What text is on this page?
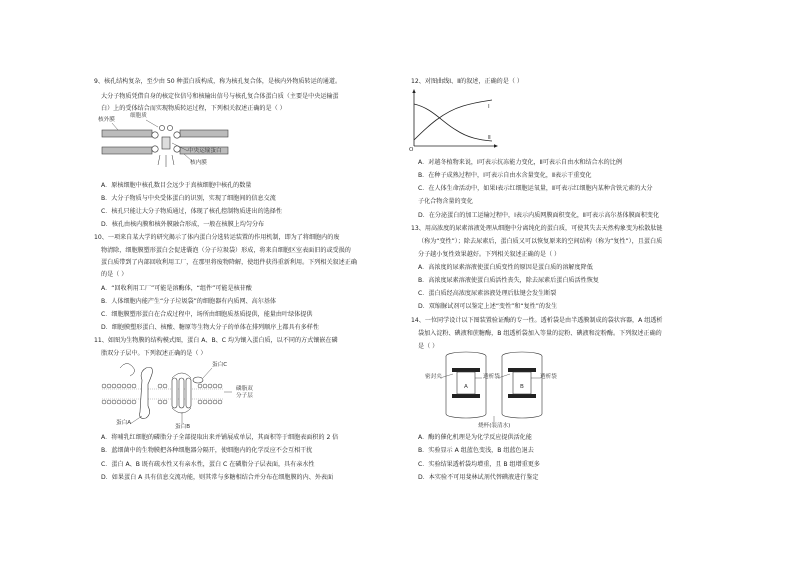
9、核孔结构复杂，至少由 50 种蛋白质构成，称为核孔复合体，是核内外物质转运的通道。
大分子物质凭借自身的核定位信号和核输出信号与核孔复合体蛋白质（主要是中央运输蛋
白）上的受体结合而实现物质转运过程，下列相关叙述正确的是（ ）
核外膜
细胞质
中央运输蛋白
核内膜
A．原核细胞中核孔数目会远少于真核细胞中核孔的数量
B．大分子物质与中央受体蛋白的识别，实现了细胞间的信息交流
C．核孔只能让大分子物质通过，体现了核孔控制物质进出的选择性
D．核孔由核内膜和核外膜融合形成，一般在核膜上均匀分布
10、一项来自某大学的研究揭示了体内蛋白分选转运装置的作用机制，即为了将细胞内的废
物清除，细胞膜塑形蛋白会促进囊泡（分子垃圾袋）形成，将来自细胞区室表面旧的或受损的
蛋白质带到了内部回收利用工厂，在那里将废物降解，使组件获得重新利用。下列相关叙述正确
的是（ ）
A．“回收利用工厂”可能是溶酶体，“组件”可能是核苷酸
B．人体细胞内能产生“分子垃圾袋”的细胞器有内质网、高尔基体
C．细胞膜塑形蛋白在合成过程中，场所由细胞质基质提供，能量由叶绿体提供
D．细胞膜塑形蛋白、核酸、糖原等生物大分子的单体在排列顺序上都具有多样性
11、如图为生物膜的结构模式图，蛋白 A、B、C 均为镶入蛋白质，以不同的方式镶嵌在磷
脂双分子层中。下列叙述正确的是（ ）
蛋白C
磷脂双
分子层
蛋白A
蛋白B
A．将哺乳红细胞的磷脂分子全部提取出来并铺展成单层，其面积等于细胞表面积的 2 倍
B．蓝细菌中的生物膜把各种细胞器分隔开，使细胞内的化学反应不会互相干扰
C．蛋白 A、B 既有疏水性又有亲水性，蛋白 C 在磷脂分子层表面，具有亲水性
D．如果蛋白 A 具有信息交流功能，则其常与多糖相结合并分布在细胞膜的内、外表面
12、对图曲线Ⅰ、Ⅱ的叙述，正确的是（ ）
O
Ⅰ
Ⅱ
A．对越冬植物来说，Ⅰ可表示抗冻能力变化，Ⅱ可表示自由水和结合水的比例
B．在种子成熟过程中，Ⅰ可表示自由水含量变化，Ⅱ表示干重变化
C．在人体生命活动中，如果Ⅰ表示红细胞运氧量，Ⅱ可表示红细胞内某种含铁元素的大分
子化合物含量的变化
D．在分泌蛋白的加工运输过程中，Ⅰ表示内质网膜面积变化，Ⅱ可表示高尔基体膜面积变化
13、用高浓度的尿素溶液处理从细胞中分离纯化的蛋白质，可使其失去天然构象变为松散肽链
（称为“变性”）；除去尿素后，蛋白质又可以恢复原来的空间结构（称为“复性”），且蛋白质
分子越小复性效果越好。下列相关叙述正确的是（ ）
A．高浓度的尿素溶液使蛋白质变性的原因是蛋白质的溶解度降低
B．高浓度尿素溶液使蛋白质活性丧失，除去尿素后蛋白质活性恢复
C．蛋白质经高浓度尿素溶液处理后肽键会发生断裂
D．双缩脲试剂可以鉴定上述“变性”和“复性”的发生
14、一位同学设计以下图装置验证酶的专一性。透析袋是由半透膜制成的袋状容器，A 组透析
袋加入淀粉、碘液和蔗糖酶，B 组透析袋加入等量的淀粉、碘液和淀粉酶。下列叙述正确的
是（ ）
A	B
密封夹	透析袋	透析袋
烧杯(装清水)
A．酶的催化机理是为化学反应提供活化能
B．实验显示 A 组蓝色变浅，B 组蓝色退去
C．实验结果透析袋均增重，且 B 组增重更多
D．本实验不可用斐林试剂代替碘液进行鉴定
